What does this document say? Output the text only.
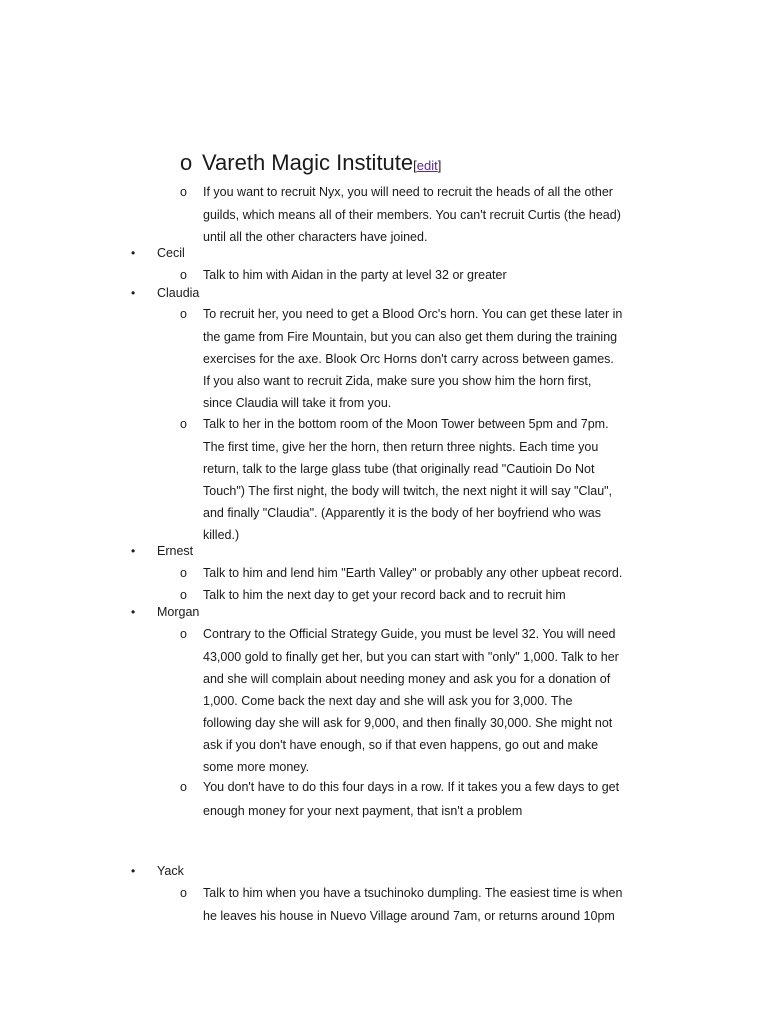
o Vareth Magic Institute[edit]
o If you want to recruit Nyx, you will need to recruit the heads of all the other
guilds, which means all of their members. You can't recruit Curtis (the head)
until all the other characters have joined.
• Cecil
o Talk to him with Aidan in the party at level 32 or greater
• Claudia
o To recruit her, you need to get a Blood Orc's horn. You can get these later in
the game from Fire Mountain, but you can also get them during the training
exercises for the axe. Blook Orc Horns don't carry across between games.
If you also want to recruit Zida, make sure you show him the horn first,
since Claudia will take it from you.
o Talk to her in the bottom room of the Moon Tower between 5pm and 7pm.
The first time, give her the horn, then return three nights. Each time you
return, talk to the large glass tube (that originally read "Cautioin Do Not
Touch") The first night, the body will twitch, the next night it will say "Clau",
and finally "Claudia". (Apparently it is the body of her boyfriend who was
killed.)
• Ernest
o Talk to him and lend him "Earth Valley" or probably any other upbeat record.
o Talk to him the next day to get your record back and to recruit him
• Morgan
o Contrary to the Official Strategy Guide, you must be level 32. You will need
43,000 gold to finally get her, but you can start with "only" 1,000. Talk to her
and she will complain about needing money and ask you for a donation of
1,000. Come back the next day and she will ask you for 3,000. The
following day she will ask for 9,000, and then finally 30,000. She might not
ask if you don't have enough, so if that even happens, go out and make
some more money.
o You don't have to do this four days in a row. If it takes you a few days to get
enough money for your next payment, that isn't a problem
• Yack
o Talk to him when you have a tsuchinoko dumpling. The easiest time is when
he leaves his house in Nuevo Village around 7am, or returns around 10pm
